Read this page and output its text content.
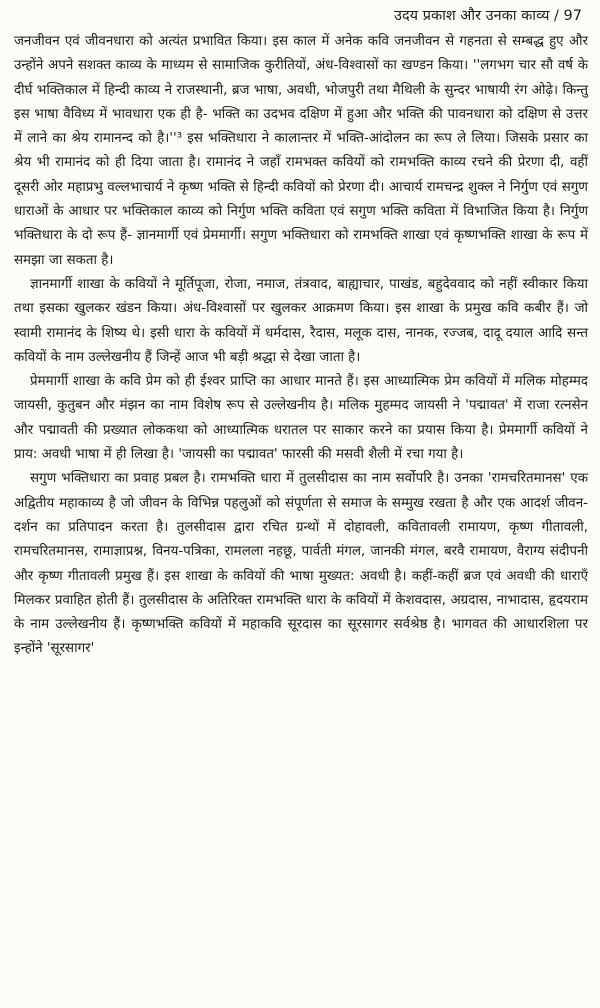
उदय प्रकाश और उनका काव्य / 97

जनजीवन एवं जीवनधारा को अत्यंत प्रभावित किया। इस काल में अनेक कवि जनजीवन से गहनता से सम्बद्ध हुए और उन्होंने अपने सशक्त काव्य के माध्यम से सामाजिक कुरीतियों, अंध-विश्वासों का खण्डन किया। ''लगभग चार सौ वर्ष के दीर्घ भक्तिकाल में हिन्दी काव्य ने राजस्थानी, ब्रज भाषा, अवधी, भोजपुरी तथा मैथिली के सुन्दर भाषायी रंग ओढ़े। किन्तु इस भाषा वैविध्य में भावधारा एक ही है- भक्ति का उदभव दक्षिण में हुआ और भक्ति की पावनधारा को दक्षिण से उत्तर में लाने का श्रेय रामानन्द को है।''³ इस भक्तिधारा ने कालान्तर में भक्ति-आंदोलन का रूप ले लिया। जिसके प्रसार का श्रेय भी रामानंद को ही दिया जाता है। रामानंद ने जहाँ रामभक्त कवियों को रामभक्ति काव्य रचने की प्रेरणा दी, वहीं दूसरी ओर महाप्रभु वल्लभाचार्य ने कृष्ण भक्ति से हिन्दी कवियों को प्रेरणा दी। आचार्य रामचन्द्र शुक्ल ने निर्गुण एवं सगुण धाराओं के आधार पर भक्तिकाल काव्य को निर्गुण भक्ति कविता एवं सगुण भक्ति कविता में विभाजित किया है। निर्गुण भक्तिधारा के दो रूप हैं- ज्ञानमार्गी एवं प्रेममार्गी। सगुण भक्तिधारा को रामभक्ति शाखा एवं कृष्णभक्ति शाखा के रूप में समझा जा सकता है।

ज्ञानमार्गी शाखा के कवियों ने मूर्तिपूजा, रोजा, नमाज, तंत्रवाद, बाह्याचार, पाखंड, बहुदेववाद को नहीं स्वीकार किया तथा इसका खुलकर खंडन किया। अंध-विश्वासों पर खुलकर आक्रमण किया। इस शाखा के प्रमुख कवि कबीर हैं। जो स्वामी रामानंद के शिष्य थे। इसी धारा के कवियों में धर्मदास, रैदास, मलूक दास, नानक, रज्जब, दादू दयाल आदि सन्त कवियों के नाम उल्लेखनीय हैं जिन्हें आज भी बड़ी श्रद्धा से देखा जाता है।

प्रेममार्गी शाखा के कवि प्रेम को ही ईश्वर प्राप्ति का आधार मानते हैं। इस आध्यात्मिक प्रेम कवियों में मलिक मोहम्मद जायसी, कुतुबन और मंझन का नाम विशेष रूप से उल्लेखनीय है। मलिक मुहम्मद जायसी ने 'पद्मावत' में राजा रत्नसेन और पद्मावती की प्रख्यात लोककथा को आध्यात्मिक धरातल पर साकार करने का प्रयास किया है। प्रेममार्गी कवियों ने प्राय: अवधी भाषा में ही लिखा है। 'जायसी का पद्मावत' फारसी की मसवी शैली में रचा गया है।

सगुण भक्तिधारा का प्रवाह प्रबल है। रामभक्ति धारा में तुलसीदास का नाम सर्वोपरि है। उनका 'रामचरितमानस' एक अद्वितीय महाकाव्य है जो जीवन के विभिन्न पहलुओं को संपूर्णता से समाज के सम्मुख रखता है और एक आदर्श जीवन-दर्शन का प्रतिपादन करता है। तुलसीदास द्वारा रचित ग्रन्थों में दोहावली, कवितावली रामायण, कृष्ण गीतावली, रामचरितमानस, रामाज्ञाप्रश्न, विनय-पत्रिका, रामलला नहछू, पार्वती मंगल, जानकी मंगल, बरवै रामायण, वैराग्य संदीपनी और कृष्ण गीतावली प्रमुख हैं। इस शाखा के कवियों की भाषा मुख्यत: अवधी है। कहीं-कहीं ब्रज एवं अवधी की धाराएँ मिलकर प्रवाहित होती हैं। तुलसीदास के अतिरिक्त रामभक्ति धारा के कवियों में केशवदास, अग्रदास, नाभादास, हृदयराम के नाम उल्लेखनीय हैं। कृष्णभक्ति कवियों में महाकवि सूरदास का सूरसागर सर्वश्रेष्ठ है। भागवत की आधारशिला पर इन्होंने 'सूरसागर'
